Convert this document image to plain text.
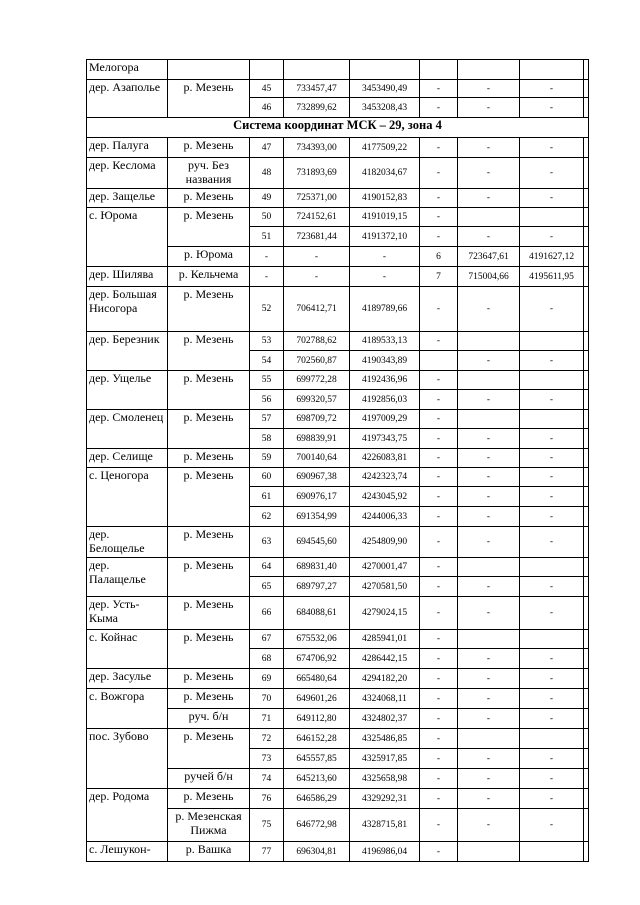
Мелогора								
дер. Азаполье	р. Мезень	45	733457,47	3453490,49	-	-	-	
		46	732899,62	3453208,43	-	-	-	
Система координат МСК – 29, зона 4								
дер. Палуга	р. Мезень	47	734393,00	4177509,22	-	-	-	
дер. Кеслома	руч. Без названия	48	731893,69	4182034,67	-	-	-	
дер. Защелье	р. Мезень	49	725371,00	4190152,83	-	-	-	
с. Юрома	р. Мезень	50	724152,61	4191019,15	-			
		51	723681,44	4191372,10	-	-	-	
	р. Юрома	-	-	-	6	723647,61	4191627,12	
дер. Шилява	р. Кельчема	-	-	-	7	715004,66	4195611,95	
дер. Большая Нисогора	р. Мезень	52	706412,71	4189789,66	-	-	-	
дер. Березник	р. Мезень	53	702788,62	4189533,13	-			
		54	702560,87	4190343,89		-	-	
дер. Ущелье	р. Мезень	55	699772,28	4192436,96	-			
		56	699320,57	4192856,03	-	-	-	
дер. Смоленец	р. Мезень	57	698709,72	4197009,29	-			
		58	698839,91	4197343,75	-	-	-	
дер. Селище	р. Мезень	59	700140,64	4226083,81	-	-	-	
с. Ценогора	р. Мезень	60	690967,38	4242323,74	-	-	-	
		61	690976,17	4243045,92	-	-	-	
		62	691354,99	4244006,33	-	-	-	
дер. Белощелье	р. Мезень	63	694545,60	4254809,90	-	-	-	
дер. Палащелье	р. Мезень	64	689831,40	4270001,47	-			
		65	689797,27	4270581,50	-	-	-	
дер. Усть-Кыма	р. Мезень	66	684088,61	4279024,15	-	-	-	
с. Койнас	р. Мезень	67	675532,06	4285941,01	-			
		68	674706,92	4286442,15	-	-	-	
дер. Засулье	р. Мезень	69	665480,64	4294182,20	-	-	-	
с. Вожгора	р. Мезень	70	649601,26	4324068,11	-	-	-	
	руч. б/н	71	649112,80	4324802,37	-	-	-	
пос. Зубово	р. Мезень	72	646152,28	4325486,85	-			
		73	645557,85	4325917,85	-	-	-	
	ручей б/н	74	645213,60	4325658,98	-	-	-	
дер. Родома	р. Мезень	76	646586,29	4329292,31	-	-	-	
	р. Мезенская Пижма	75	646772,98	4328715,81	-	-	-	
с. Лешукон-	р. Вашка	77	696304,81	4196986,04	-			
